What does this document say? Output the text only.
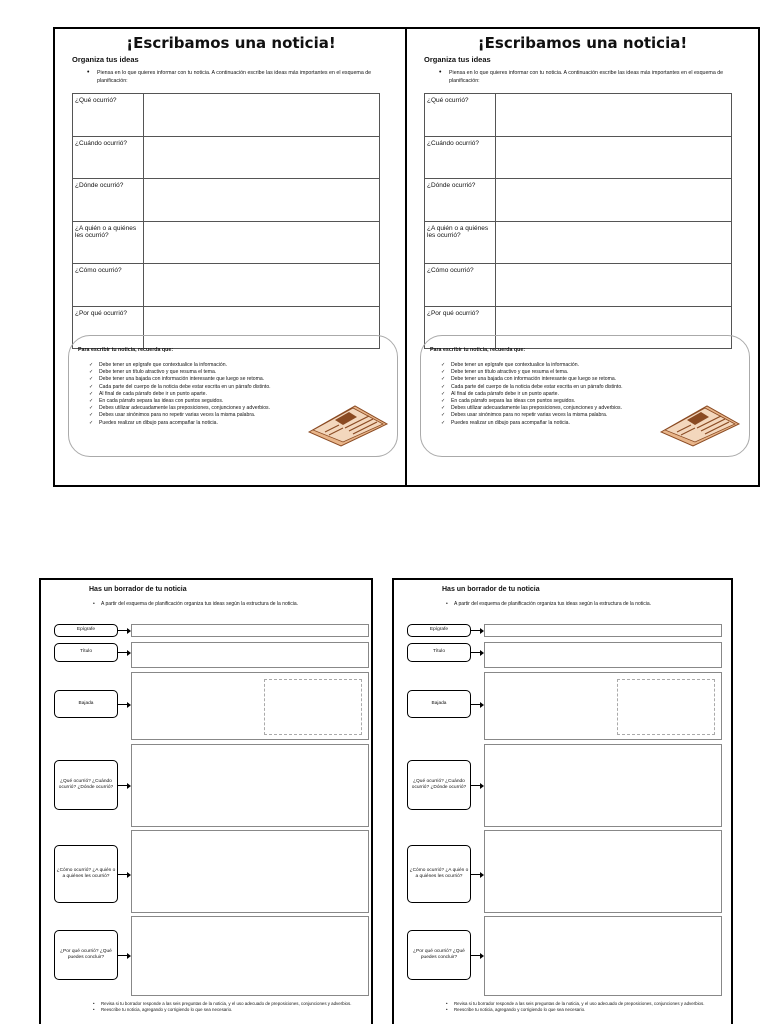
¡Escribamos una noticia!
Organiza tus ideas
• Piensa en lo que quieres informar con tu noticia. A continuación escribe las ideas más importantes en el esquema de planificación:
¿Qué ocurrió?	
¿Cuándo ocurrió?	
¿Dónde ocurrió?	
¿A quién o a quiénes les ocurrió?	
¿Cómo ocurrió?	
¿Por qué ocurrió?	
Para escribir tu noticia, recuerda que:
✓ Debe tener un epígrafe que contextualice la información.
✓ Debe tener un título atractivo y que resuma el tema.
✓ Debe tener una bajada con información interesante que luego se retoma.
✓ Cada parte del cuerpo de la noticia debe estar escrita en un párrafo distinto.
✓ Al final de cada párrafo debe ir un punto aparte.
✓ En cada párrafo separa las ideas con puntos seguidos.
✓ Debes utilizar adecuadamente las preposiciones, conjunciones y adverbios.
✓ Debes usar sinónimos para no repetir varias veces la misma palabra.
✓ Puedes realizar un dibujo para acompañar la noticia.
¡Escribamos una noticia!
Organiza tus ideas
• Piensa en lo que quieres informar con tu noticia. A continuación escribe las ideas más importantes en el esquema de planificación:
¿Qué ocurrió?	
¿Cuándo ocurrió?	
¿Dónde ocurrió?	
¿A quién o a quiénes les ocurrió?	
¿Cómo ocurrió?	
¿Por qué ocurrió?	
Para escribir tu noticia, recuerda que:
✓ Debe tener un epígrafe que contextualice la información.
✓ Debe tener un título atractivo y que resuma el tema.
✓ Debe tener una bajada con información interesante que luego se retoma.
✓ Cada parte del cuerpo de la noticia debe estar escrita en un párrafo distinto.
✓ Al final de cada párrafo debe ir un punto aparte.
✓ En cada párrafo separa las ideas con puntos seguidos.
✓ Debes utilizar adecuadamente las preposiciones, conjunciones y adverbios.
✓ Debes usar sinónimos para no repetir varias veces la misma palabra.
✓ Puedes realizar un dibujo para acompañar la noticia.
Has un borrador de tu noticia
• A partir del esquema de planificación organiza tus ideas según la estructura de la noticia.
Epígrafe
Título
Bajada
¿Qué ocurrió? ¿Cuándo ocurrió? ¿Dónde ocurrió?
¿Cómo ocurrió? ¿A quién o a quiénes les ocurrió?
¿Por qué ocurrió? ¿Qué puedes concluir?
• Revisa si tu borrador responde a las seis preguntas de la noticia, y el uso adecuado de preposiciones, conjunciones y adverbios.
• Reescribe tu noticia, agregando y corrigiendo lo que sea necesario.
Has un borrador de tu noticia
• A partir del esquema de planificación organiza tus ideas según la estructura de la noticia.
Epígrafe
Título
Bajada
¿Qué ocurrió? ¿Cuándo ocurrió? ¿Dónde ocurrió?
¿Cómo ocurrió? ¿A quién o a quiénes les ocurrió?
¿Por qué ocurrió? ¿Qué puedes concluir?
• Revisa si tu borrador responde a las seis preguntas de la noticia, y el uso adecuado de preposiciones, conjunciones y adverbios.
• Reescribe tu noticia, agregando y corrigiendo lo que sea necesario.
